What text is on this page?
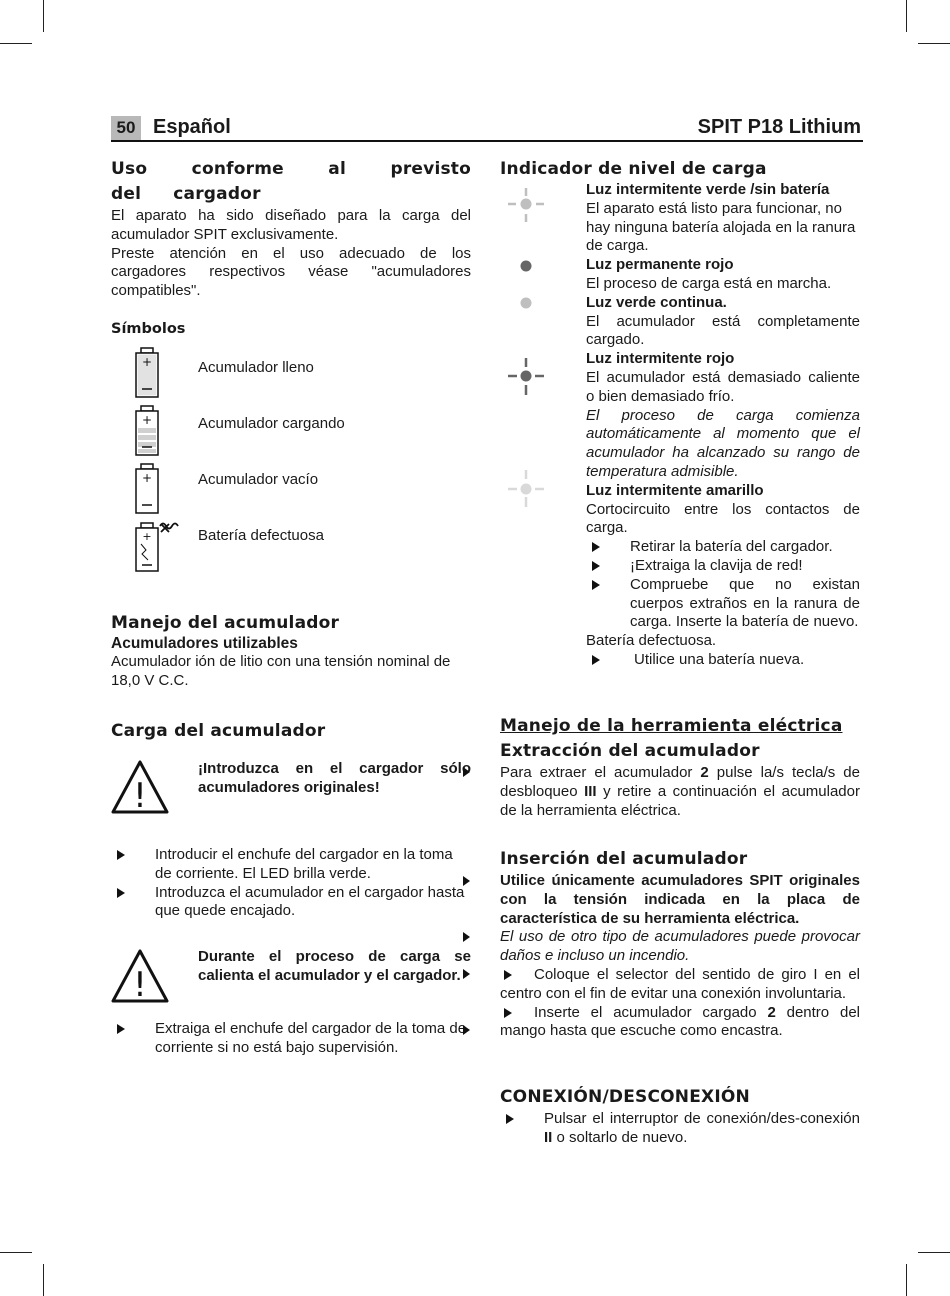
50 Español	SPIT P18 Lithium
Uso conforme al previsto del cargador

El aparato ha sido diseñado para la carga del acumulador SPIT exclusivamente.

Preste atención en el uso adecuado de los cargadores respectivos véase "acumuladores compatibles".

Símbolos
+
+
+
+
Acumulador lleno
Acumulador cargando
Acumulador vacío
Batería defectuosa
Manejo del acumulador
Acumuladores utilizables

Acumulador ión de litio con una tensión nominal de 18,0 V C.C.

Carga del acumulador
!
¡Introduzca en el cargador sólo acumuladores originales!
Introducir el enchufe del cargador en la toma de corriente. El LED brilla verde.
Introduzca el acumulador en el cargador hasta que quede encajado.
!
Durante el proceso de carga se calienta el acumulador y el cargador.
Extraiga el enchufe del cargador de la toma de corriente si no está bajo supervisión.
Indicador de nivel de carga
Luz intermitente verde /sin batería

El aparato está listo para funcionar, no hay ninguna batería alojada en la ranura de carga.

Luz permanente rojo

El proceso de carga está en marcha.

Luz verde continua.

El acumulador está completamente cargado.

Luz intermitente rojo

El acumulador está demasiado caliente o bien demasiado frío.

El proceso de carga comienza automáticamente al momento que el acumulador ha alcanzado su rango de temperatura admisible.

Luz intermitente amarillo

Cortocircuito entre los contactos de carga.

Retirar la batería del cargador.
¡Extraiga la clavija de red!
Compruebe que no existan cuerpos extraños en la ranura de carga. Inserte la batería de nuevo.

Batería defectuosa.

Utilice una batería nueva.
Manejo de la herramienta eléctrica
Extracción del acumulador

Para extraer el acumulador 2 pulse la/s tecla/s de desbloqueo III y retire a continuación el acumulador de la herramienta eléctrica.

Inserción del acumulador

Utilice únicamente acumuladores SPIT originales con la tensión indicada en la placa de característica de su herramienta eléctrica.

El uso de otro tipo de acumuladores puede provocar daños e incluso un incendio.

Coloque el selector del sentido de giro I en el centro con el fin de evitar una conexión involuntaria.

Inserte el acumulador cargado 2 dentro del mango hasta que escuche como encastra.

CONEXIÓN/DESCONEXIÓN
Pulsar el interruptor de conexión/des-conexión II o soltarlo de nuevo.
